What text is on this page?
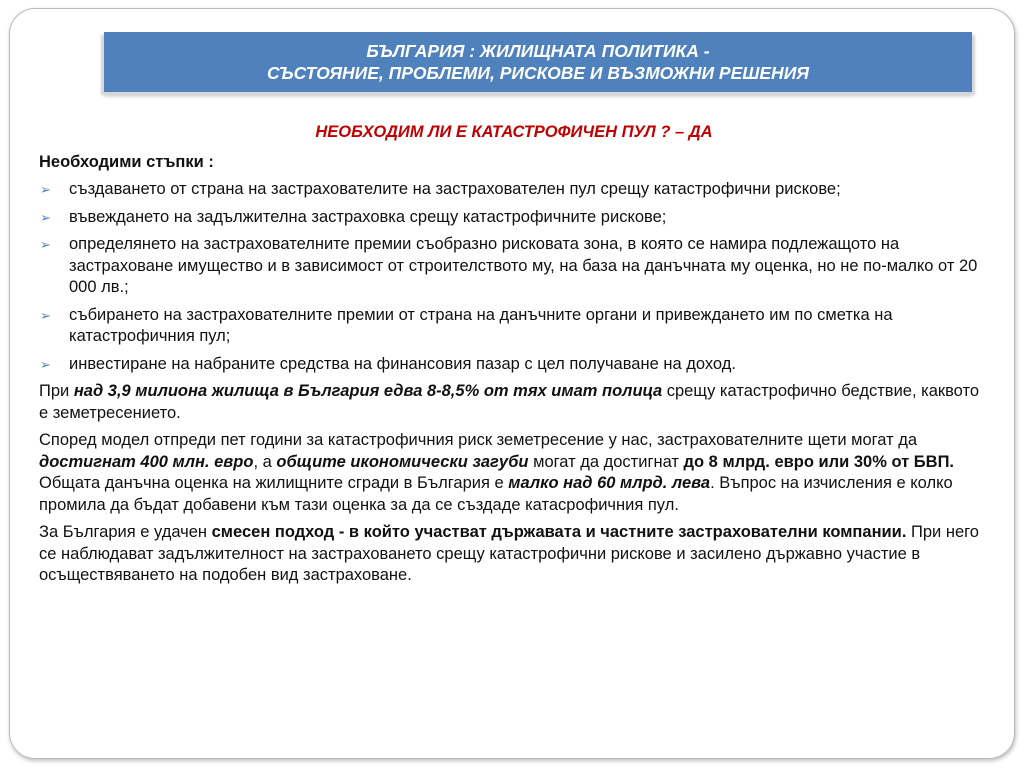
БЪЛГАРИЯ : ЖИЛИЩНАТА ПОЛИТИКА -
СЪСТОЯНИЕ, ПРОБЛЕМИ, РИСКОВЕ И ВЪЗМОЖНИ РЕШЕНИЯ
НЕОБХОДИМ ЛИ Е КАТАСТРОФИЧЕН ПУЛ ? – ДА
Необходими стъпки :
➢ създаването от страна на застрахователите на застрахователен пул срещу катастрофични рискове;
➢ въвеждането на задължителна застраховка срещу катастрофичните рискове;
➢ определянето на застрахователните премии съобразно рисковата зона, в която се намира подлежащото на застраховане имущество и в зависимост от строителството му, на база на данъчната му оценка, но не по-малко от 20 000 лв.;
➢ събирането на застрахователните премии от страна на данъчните органи и привеждането им по сметка на катастрофичния пул;
➢ инвестиране на набраните средства на финансовия пазар с цел получаване на доход.

При над 3,9 милиона жилища в България едва 8-8,5% от тях имат полица срещу катастрофично бедствие, каквото е земетресението.

Според модел отпреди пет години за катастрофичния риск земетресение у нас, застрахователните щети могат да достигнат 400 млн. евро, а общите икономически загуби могат да достигнат до 8 млрд. евро или 30% от БВП. Общата данъчна оценка на жилищните сгради в България е малко над 60 млрд. лева. Въпрос на изчисления е колко промила да бъдат добавени към тази оценка за да се създаде катасрофичния пул.

За България е удачен смесен подход - в който участват държавата и частните застрахователни компании. При него се наблюдават задължителност на застраховането срещу катастрофични рискове и засилено държавно участие в осъществяването на подобен вид застраховане.
